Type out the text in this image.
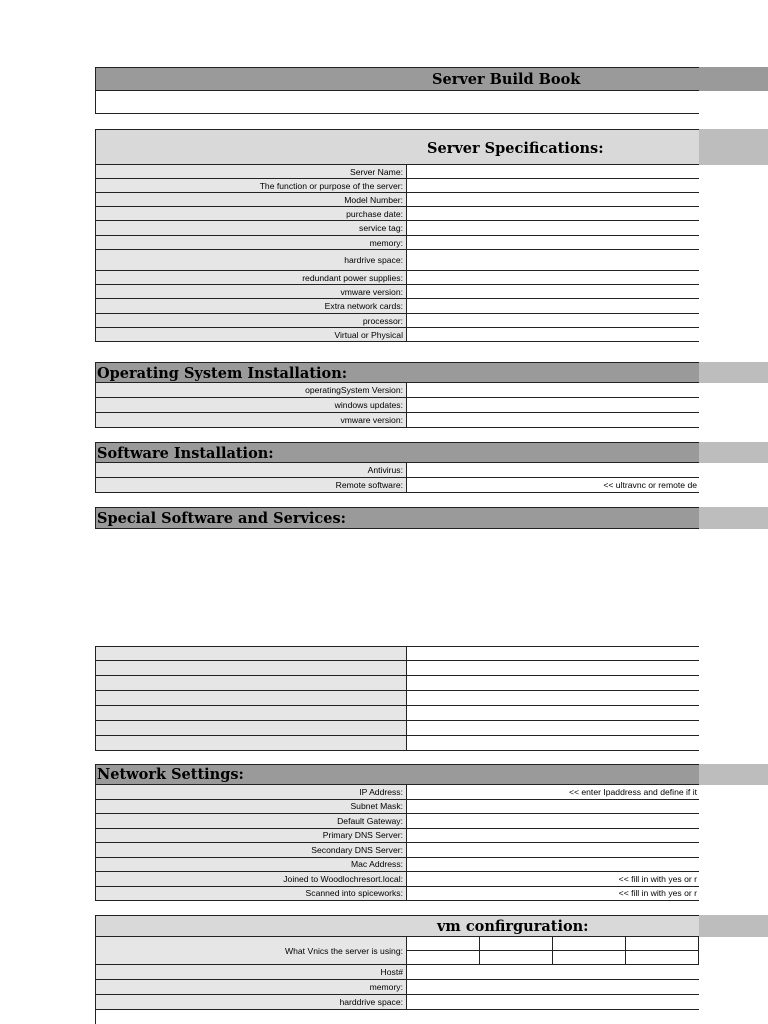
Server Build Book
Server Specifications:
Operating System Installation:
Software Installation:
Special Software and Services:
Network Settings:
vm confirguration:
Server Name:
The function or purpose of the server:
Model Number:
purchase date:
service tag:
memory:
hardrive space:
redundant power supplies:
vmware version:
Extra network cards:
processor:
Virtual or Physical
operatingSystem Version:
windows updates:
vmware version:
Antivirus:
Remote software:	<< ultravnc or remote de
IP Address:	<< enter Ipaddress and define if it
Subnet Mask:
Default Gateway:
Primary DNS Server:
Secondary DNS Server:
Mac Address:
Joined to Woodlochresort.local:	<< fill in with yes or r
Scanned into spiceworks:	<< fill in with yes or r
What Vnics the server is using:
Host#
memory:
harddrive space:
